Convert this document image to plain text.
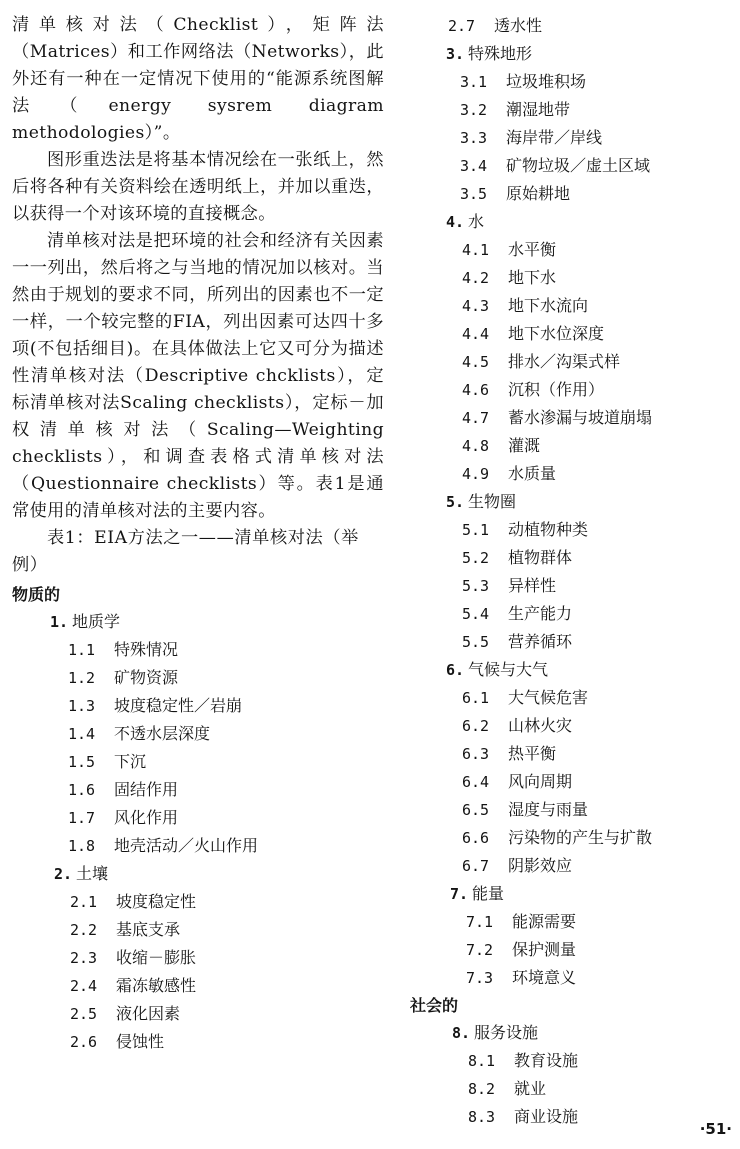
清单核对法（Checklist），矩阵法（Matrices）和工作网络法（Networks），此外还有一种在一定情况下使用的“能源系统图解法（energy sysrem diagram methodologies）”。

图形重迭法是将基本情况绘在一张纸上，然后将各种有关资料绘在透明纸上，并加以重迭，以获得一个对该环境的直接概念。

清单核对法是把环境的社会和经济有关因素一一列出，然后将之与当地的情况加以核对。当然由于规划的要求不同，所列出的因素也不一定一样，一个较完整的FIA，列出因素可达四十多项(不包括细目)。在具体做法上它又可分为描述性清单核对法（Descriptive chcklists），定标清单核对法Scaling checklists），定标－加权清单核对法（Scaling—Weighting checklists），和调查表格式清单核对法（Questionnaire checklists）等。表1是通常使用的清单核对法的主要内容。

表1：EIA方法之一——清单核对法（举例）

物质的
1. 地质学
1.1 特殊情况
1.2 矿物资源
1.3 坡度稳定性／岩崩
1.4 不透水层深度
1.5 下沉
1.6 固结作用
1.7 风化作用
1.8 地壳活动／火山作用
2. 土壤
2.1 坡度稳定性
2.2 基底支承
2.3 收缩－膨胀
2.4 霜冻敏感性
2.5 液化因素
2.6 侵蚀性
2.7 透水性
3. 特殊地形
3.1 垃圾堆积场
3.2 潮湿地带
3.3 海岸带／岸线
3.4 矿物垃圾／虚土区域
3.5 原始耕地
4. 水
4.1 水平衡
4.2 地下水
4.3 地下水流向
4.4 地下水位深度
4.5 排水／沟渠式样
4.6 沉积（作用）
4.7 蓄水渗漏与坡道崩塌
4.8 灌溉
4.9 水质量
5. 生物圈
5.1 动植物种类
5.2 植物群体
5.3 异样性
5.4 生产能力
5.5 营养循环
6. 气候与大气
6.1 大气候危害
6.2 山林火灾
6.3 热平衡
6.4 风向周期
6.5 湿度与雨量
6.6 污染物的产生与扩散
6.7 阴影效应
7. 能量
7.1 能源需要
7.2 保护测量
7.3 环境意义
社会的
8. 服务设施
8.1 教育设施
8.2 就业
8.3 商业设施
·51·
